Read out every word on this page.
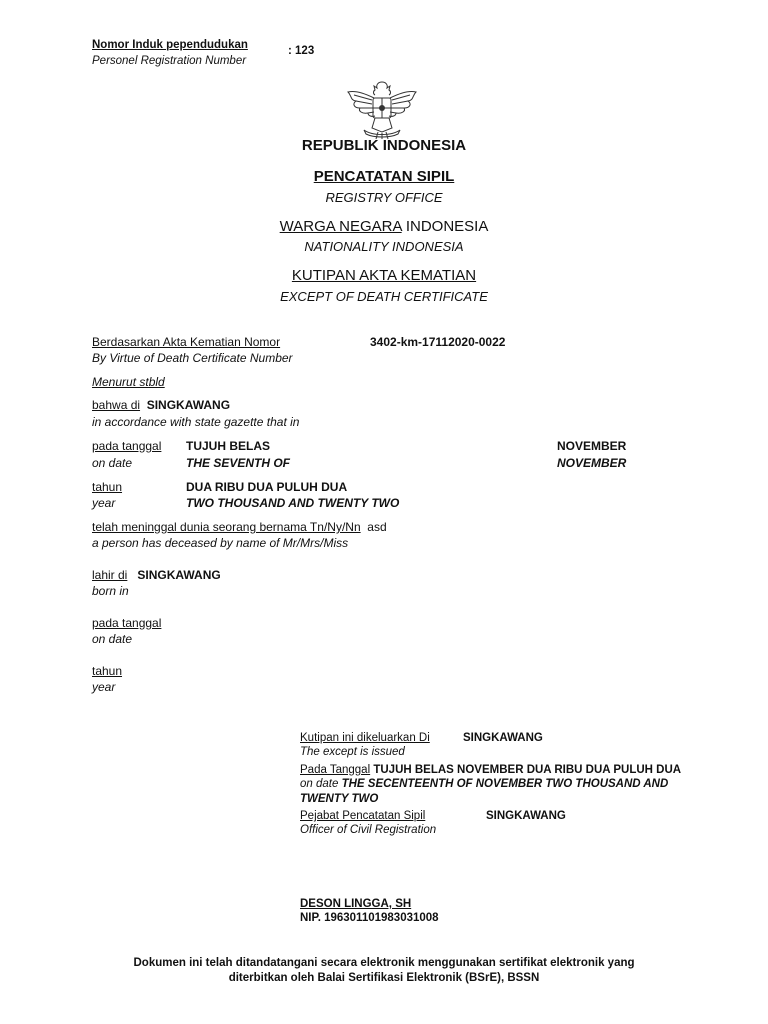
Nomor Induk pependudukan
Personel Registration Number
: 123
REPUBLIK INDONESIA
PENCATATAN SIPIL
REGISTRY OFFICE
WARGA NEGARA INDONESIA
NATIONALITY INDONESIA
KUTIPAN AKTA KEMATIAN
EXCEPT OF DEATH CERTIFICATE
Berdasarkan Akta Kematian Nomor
By Virtue of Death Certificate Number
3402-km-17112020-0022
Menurut stbld
bahwa di SINGKAWANG
in accordance with state gazette that in
pada tanggal
on date
TUJUH BELAS
THE SEVENTH OF
NOVEMBER
NOVEMBER
tahun
year
DUA RIBU DUA PULUH DUA
TWO THOUSAND AND TWENTY TWO
telah meninggal dunia seorang bernama Tn/Ny/Nn asd
a person has deceased by name of Mr/Mrs/Miss
lahir di SINGKAWANG
born in
pada tanggal
on date
tahun
year
Kutipan ini dikeluarkan Di	SINGKAWANG
The except is issued
Pada Tanggal TUJUH BELAS NOVEMBER DUA RIBU DUA PULUH DUA
on date THE SECENTEENTH OF NOVEMBER TWO THOUSAND AND
TWENTY TWO
Pejabat Pencatatan Sipil	SINGKAWANG
Officer of Civil Registration
DESON LINGGA, SH
NIP. 196301101983031008
Dokumen ini telah ditandatangani secara elektronik menggunakan sertifikat elektronik yang
diterbitkan oleh Balai Sertifikasi Elektronik (BSrE), BSSN
